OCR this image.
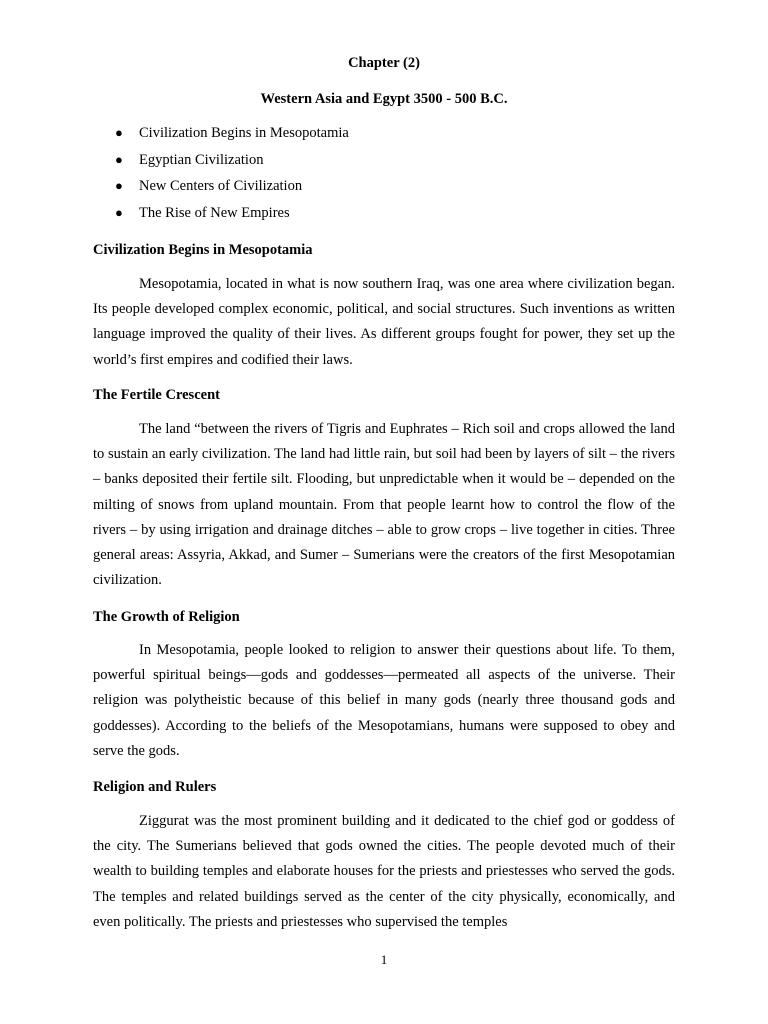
Chapter (2)
Western Asia and Egypt 3500 - 500 B.C.
● Civilization Begins in Mesopotamia
● Egyptian Civilization
● New Centers of Civilization
● The Rise of New Empires
Civilization Begins in Mesopotamia

Mesopotamia, located in what is now southern Iraq, was one area where civilization began. Its people developed complex economic, political, and social structures. Such inventions as written language improved the quality of their lives. As different groups fought for power, they set up the world’s first empires and codified their laws.

The Fertile Crescent

The land “between the rivers of Tigris and Euphrates – Rich soil and crops allowed the land to sustain an early civilization. The land had little rain, but soil had been by layers of silt – the rivers – banks deposited their fertile silt. Flooding, but unpredictable when it would be – depended on the milting of snows from upland mountain. From that people learnt how to control the flow of the rivers – by using irrigation and drainage ditches – able to grow crops – live together in cities. Three general areas: Assyria, Akkad, and Sumer – Sumerians were the creators of the first Mesopotamian civilization.

The Growth of Religion

In Mesopotamia, people looked to religion to answer their questions about life. To them, powerful spiritual beings—gods and goddesses—permeated all aspects of the universe. Their religion was polytheistic because of this belief in many gods (nearly three thousand gods and goddesses). According to the beliefs of the Mesopotamians, humans were supposed to obey and serve the gods.

Religion and Rulers

Ziggurat was the most prominent building and it dedicated to the chief god or goddess of the city. The Sumerians believed that gods owned the cities. The people devoted much of their wealth to building temples and elaborate houses for the priests and priestesses who served the gods. The temples and related buildings served as the center of the city physically, economically, and even politically. The priests and priestesses who supervised the temples

1
